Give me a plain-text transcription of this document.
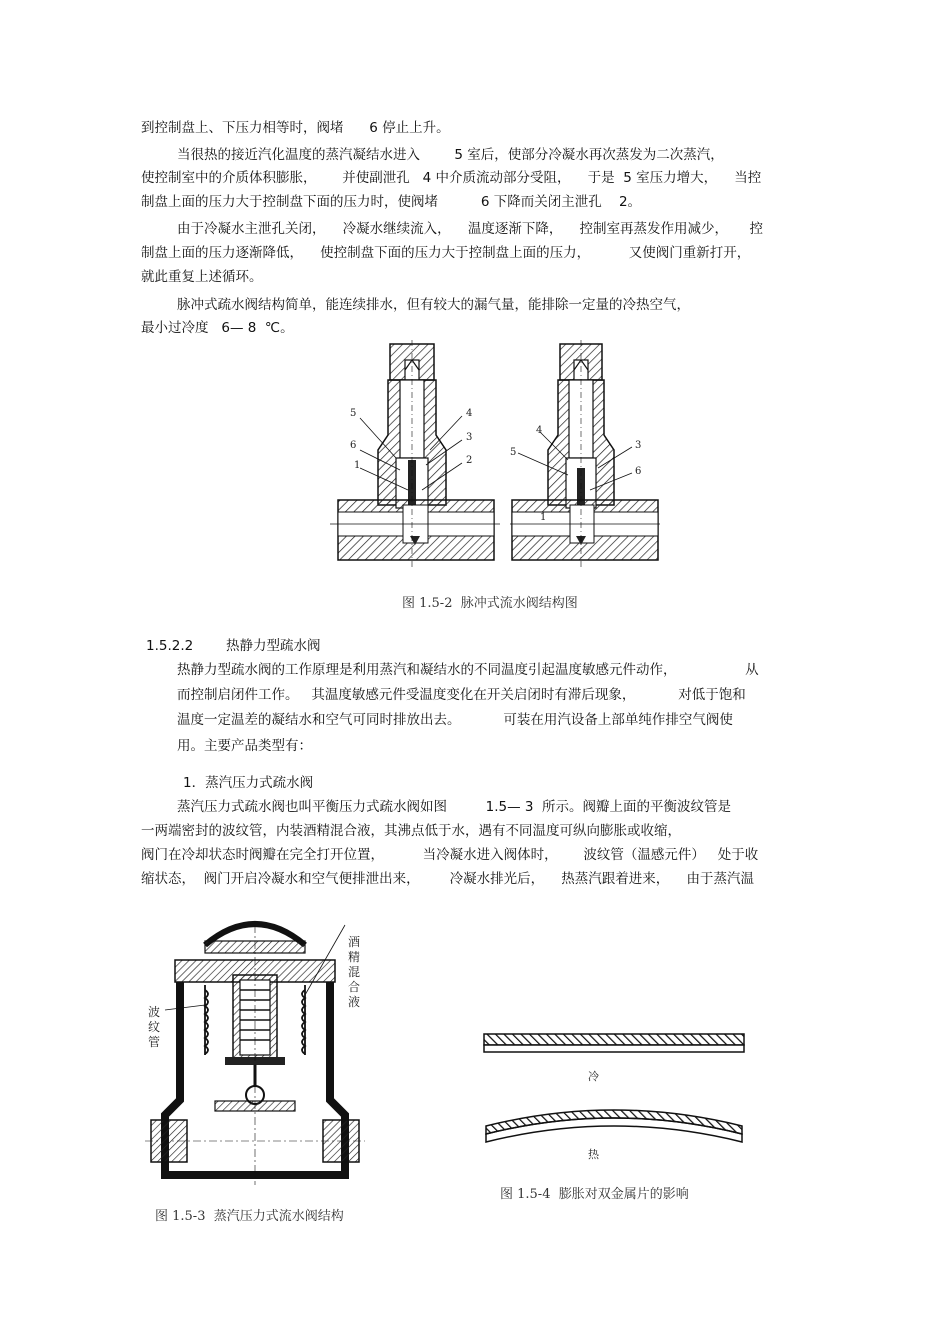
到控制盘上、下压力相等时，阀堵      6 停止上升。
当很热的接近汽化温度的蒸汽凝结水进入        5 室后，使部分冷凝水再次蒸发为二次蒸汽，
使控制室中的介质体积膨胀，      并使副泄孔   4 中介质流动部分受阻，    于是  5 室压力增大，    当控
制盘上面的压力大于控制盘下面的压力时，使阀堵          6 下降而关闭主泄孔    2。
由于冷凝水主泄孔关闭，    冷凝水继续流入，    温度逐渐下降，    控制室再蒸发作用减少，     控
制盘上面的压力逐渐降低，    使控制盘下面的压力大于控制盘上面的压力，         又使阀门重新打开，
就此重复上述循环。
脉冲式疏水阀结构简单，能连续排水，但有较大的漏气量，能排除一定量的冷热空气，
最小过冷度   6— 8  ℃。
5
6
1
4
3
2
4
5
1
3
6
图 1.5-2  脉冲式流水阀结构图
1.5.2.2 热静力型疏水阀
热静力型疏水阀的工作原理是利用蒸汽和凝结水的不同温度引起温度敏感元件动作，                从
而控制启闭件工作。   其温度敏感元件受温度变化在开关启闭时有滞后现象，          对低于饱和
温度一定温差的凝结水和空气可同时排放出去。          可装在用汽设备上部单纯作排空气阀使
用。主要产品类型有：
1．蒸汽压力式疏水阀
蒸汽压力式疏水阀也叫平衡压力式疏水阀如图         1.5— 3  所示。阀瓣上面的平衡波纹管是
一两端密封的波纹管，内装酒精混合液，其沸点低于水，遇有不同温度可纵向膨胀或收缩，
阀门在冷却状态时阀瓣在完全打开位置，         当冷凝水进入阀体时，      波纹管（温感元件）   处于收
缩状态，  阀门开启冷凝水和空气便排泄出来，       冷凝水排光后，    热蒸汽跟着进来，    由于蒸汽温
酒精混合液
波纹管
图 1.5-3  蒸汽压力式流水阀结构
冷
热
图 1.5-4  膨胀对双金属片的影响
